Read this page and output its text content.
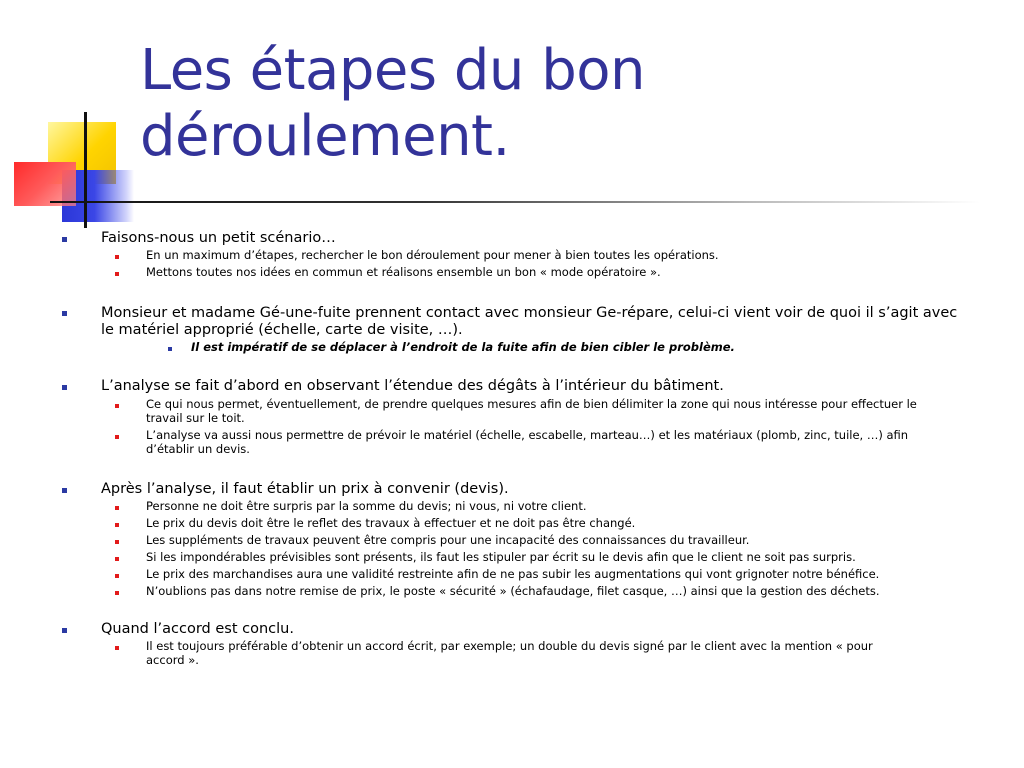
Les étapes du bon
déroulement.
Faisons-nous un petit scénario…
En un maximum d’étapes, rechercher le bon déroulement pour mener à bien toutes les opérations.
Mettons toutes nos idées en commun et réalisons ensemble un bon « mode opératoire ».
Monsieur et madame Gé-une-fuite prennent contact avec monsieur Ge-répare, celui-ci vient voir de quoi il s’agit avec
le matériel approprié (échelle, carte de visite, …).
Il est impératif de se déplacer à l’endroit de la fuite afin de bien cibler le problème.
L’analyse se fait d’abord en observant l’étendue des dégâts à l’intérieur du bâtiment.
Ce qui nous permet, éventuellement, de prendre quelques mesures afin de bien délimiter la zone qui nous intéresse pour effectuer le
travail sur le toit.
L’analyse va aussi nous permettre de prévoir le matériel (échelle, escabelle, marteau…) et les matériaux (plomb, zinc, tuile, …) afin
d’établir un devis.
Après l’analyse, il faut établir un prix à convenir (devis).
Personne ne doit être surpris par la somme du devis; ni vous, ni votre client.
Le prix du devis doit être le reflet des travaux à effectuer et ne doit pas être changé.
Les suppléments de travaux peuvent être compris pour une incapacité des connaissances du travailleur.
Si les impondérables prévisibles sont présents, ils faut les stipuler par écrit su le devis afin que le client ne soit pas surpris.
Le prix des marchandises aura une validité restreinte afin de ne pas subir les augmentations qui vont grignoter notre bénéfice.
N’oublions pas dans notre remise de prix, le poste « sécurité » (échafaudage, filet casque, …) ainsi que la gestion des déchets.
Quand l’accord est conclu.
Il est toujours préférable d’obtenir un accord écrit, par exemple; un double du devis signé par le client avec la mention « pour
accord ».
